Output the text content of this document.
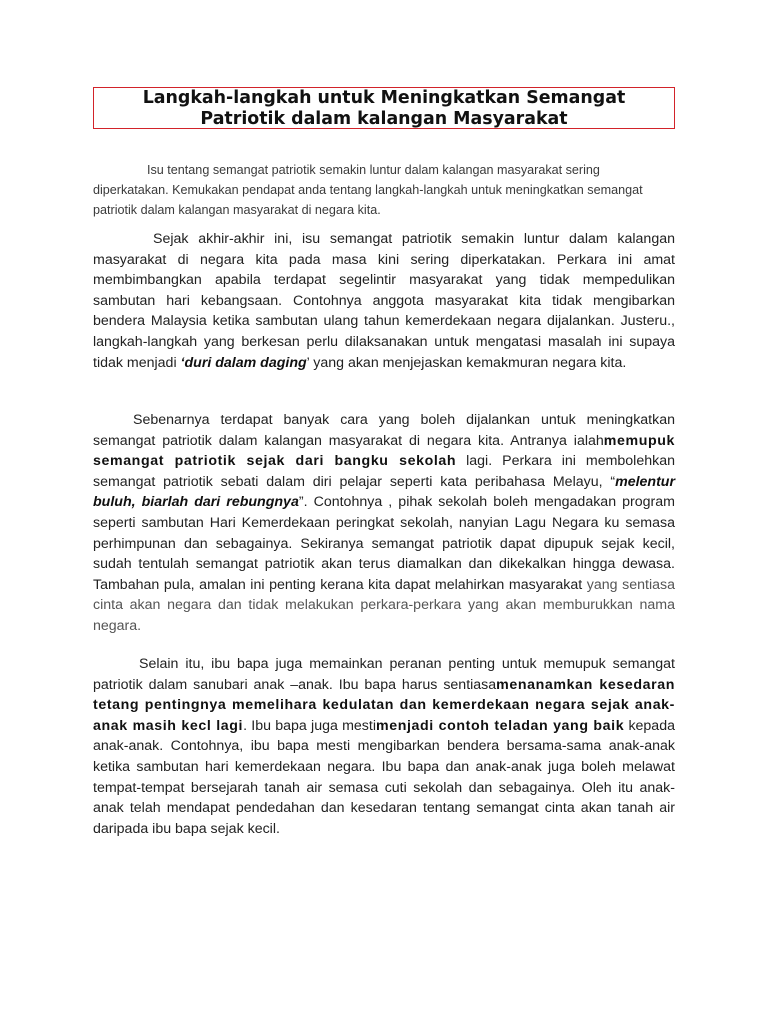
Langkah-langkah untuk Meningkatkan Semangat
Patriotik dalam kalangan Masyarakat
Isu tentang semangat patriotik semakin luntur dalam kalangan masyarakat sering diperkatakan. Kemukakan pendapat anda tentang langkah-langkah untuk meningkatkan semangat patriotik dalam kalangan masyarakat di negara kita.
Sejak akhir-akhir ini, isu semangat patriotik semakin luntur dalam kalangan masyarakat di negara kita pada masa kini sering diperkatakan. Perkara ini amat membimbangkan apabila terdapat segelintir masyarakat yang tidak mempedulikan sambutan hari kebangsaan. Contohnya anggota masyarakat kita tidak mengibarkan bendera Malaysia ketika sambutan ulang tahun kemerdekaan negara dijalankan. Justeru., langkah-langkah yang berkesan perlu dilaksanakan untuk mengatasi masalah ini supaya tidak menjadi ‘duri dalam daging’ yang akan menjejaskan kemakmuran negara kita.
Sebenarnya terdapat banyak cara yang boleh dijalankan untuk meningkatkan semangat patriotik dalam kalangan masyarakat di negara kita. Antranya ialahmemupuk semangat patriotik sejak dari bangku sekolah lagi. Perkara ini membolehkan semangat patriotik sebati dalam diri pelajar seperti kata peribahasa Melayu, “melentur buluh, biarlah dari rebungnya”. Contohnya , pihak sekolah boleh mengadakan program seperti sambutan Hari Kemerdekaan peringkat sekolah, nanyian Lagu Negara ku semasa perhimpunan dan sebagainya. Sekiranya semangat patriotik dapat dipupuk sejak kecil, sudah tentulah semangat patriotik akan terus diamalkan dan dikekalkan hingga dewasa. Tambahan pula, amalan ini penting kerana kita dapat melahirkan masyarakat yang sentiasa cinta akan negara dan tidak melakukan perkara-perkara yang akan memburukkan nama negara.
Selain itu, ibu bapa juga memainkan peranan penting untuk memupuk semangat patriotik dalam sanubari anak –anak. Ibu bapa harus sentiasamenanamkan kesedaran tetang pentingnya memelihara kedulatan dan kemerdekaan negara sejak anak-anak masih kecl lagi. Ibu bapa juga mestimenjadi contoh teladan yang baik kepada anak-anak. Contohnya, ibu bapa mesti mengibarkan bendera bersama-sama anak-anak ketika sambutan hari kemerdekaan negara. Ibu bapa dan anak-anak juga boleh melawat tempat-tempat bersejarah tanah air semasa cuti sekolah dan sebagainya. Oleh itu anak-anak telah mendapat pendedahan dan kesedaran tentang semangat cinta akan tanah air daripada ibu bapa sejak kecil.
